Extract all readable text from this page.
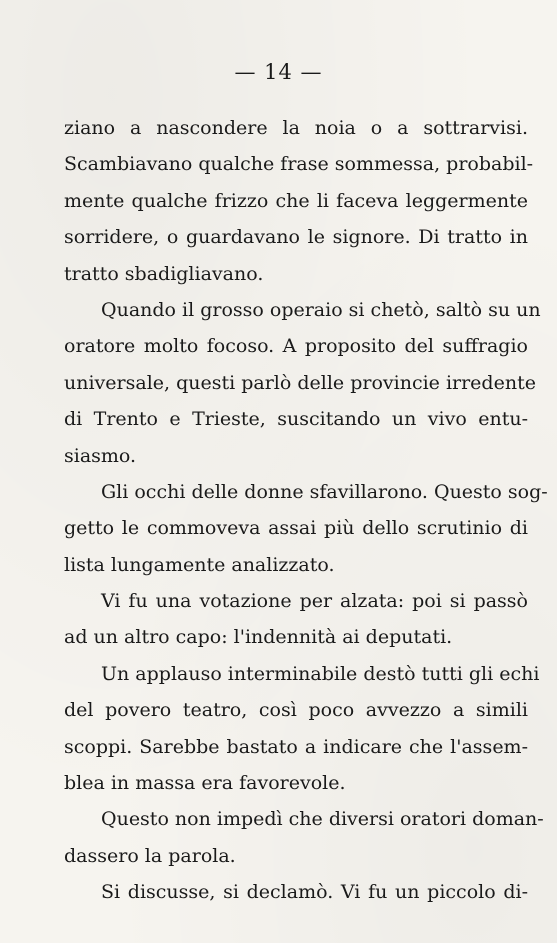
— 14 —
ziano a nascondere la noia o a sottrarvisi.
Scambiavano qualche frase sommessa, probabil-
mente qualche frizzo che li faceva leggermente
sorridere, o guardavano le signore. Di tratto in
tratto sbadigliavano.
Quando il grosso operaio si chetò, saltò su un
oratore molto focoso. A proposito del suffragio
universale, questi parlò delle provincie irredente
di Trento e Trieste, suscitando un vivo entu-
siasmo.
Gli occhi delle donne sfavillarono. Questo sog-
getto le commoveva assai più dello scrutinio di
lista lungamente analizzato.
Vi fu una votazione per alzata: poi si passò
ad un altro capo: l'indennità ai deputati.
Un applauso interminabile destò tutti gli echi
del povero teatro, così poco avvezzo a simili
scoppi. Sarebbe bastato a indicare che l'assem-
blea in massa era favorevole.
Questo non impedì che diversi oratori doman-
dassero la parola.
Si discusse, si declamò. Vi fu un piccolo di-
